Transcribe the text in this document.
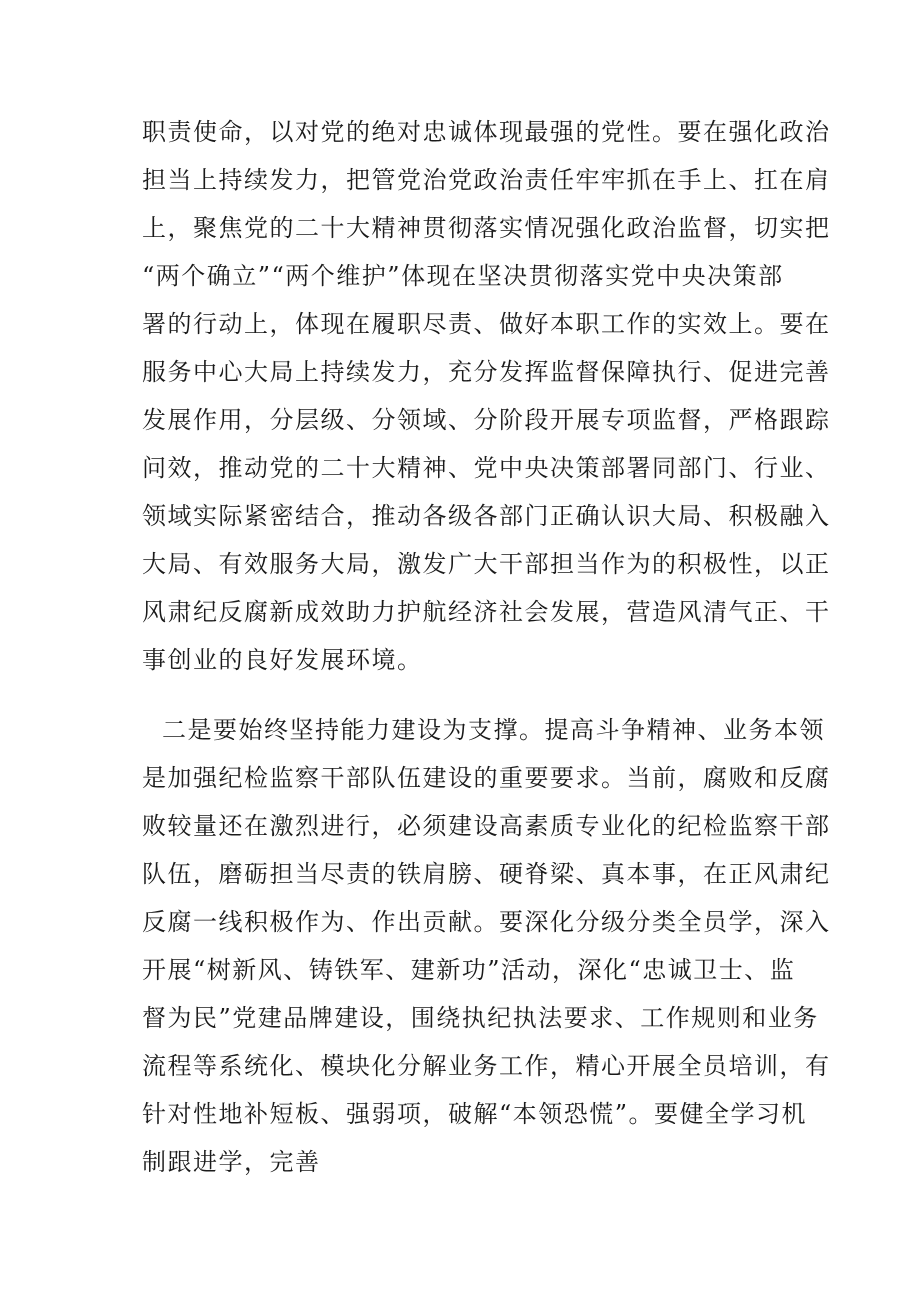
职责使命，以对党的绝对忠诚体现最强的党性。要在强化政治
担当上持续发力，把管党治党政治责任牢牢抓在手上、扛在肩
上，聚焦党的二十大精神贯彻落实情况强化政治监督，切实把
“两个确立”“两个维护”体现在坚决贯彻落实党中央决策部
署的行动上，体现在履职尽责、做好本职工作的实效上。要在
服务中心大局上持续发力，充分发挥监督保障执行、促进完善
发展作用，分层级、分领域、分阶段开展专项监督，严格跟踪
问效，推动党的二十大精神、党中央决策部署同部门、行业、
领域实际紧密结合，推动各级各部门正确认识大局、积极融入
大局、有效服务大局，激发广大干部担当作为的积极性，以正
风肃纪反腐新成效助力护航经济社会发展，营造风清气正、干
事创业的良好发展环境。
二是要始终坚持能力建设为支撑。提高斗争精神、业务本领
是加强纪检监察干部队伍建设的重要要求。当前，腐败和反腐
败较量还在激烈进行，必须建设高素质专业化的纪检监察干部
队伍，磨砺担当尽责的铁肩膀、硬脊梁、真本事，在正风肃纪
反腐一线积极作为、作出贡献。要深化分级分类全员学，深入
开展“树新风、铸铁军、建新功”活动，深化“忠诚卫士、监
督为民”党建品牌建设，围绕执纪执法要求、工作规则和业务
流程等系统化、模块化分解业务工作，精心开展全员培训，有
针对性地补短板、强弱项，破解“本领恐慌”。要健全学习机
制跟进学，完善
